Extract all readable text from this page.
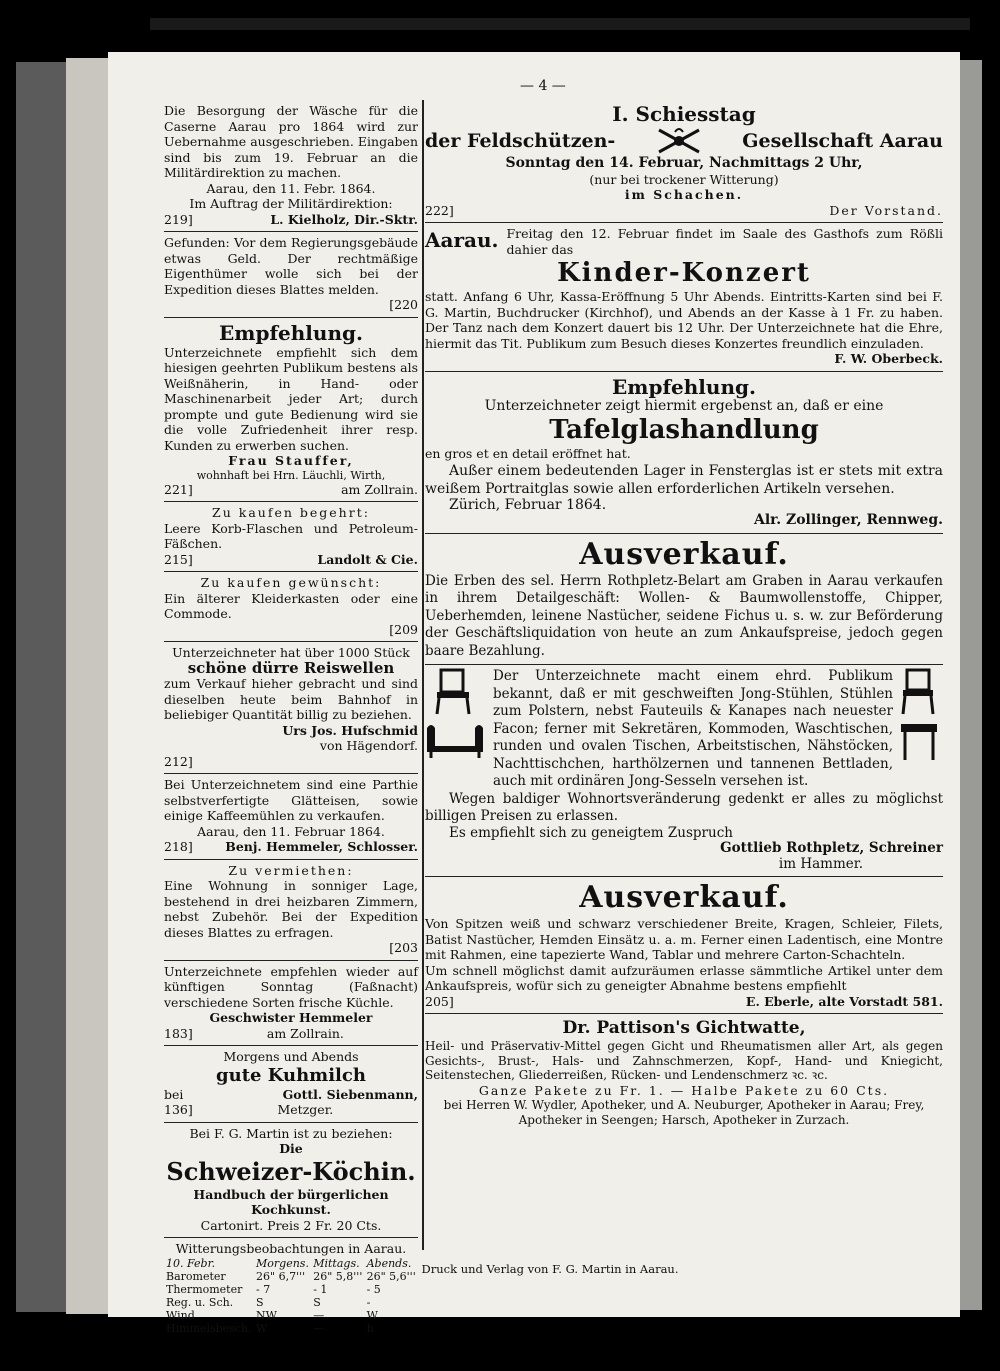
— 4 —

Die Besorgung der Wäsche für die Caserne Aarau pro 1864 wird zur Uebernahme ausgeschrieben. Eingaben sind bis zum 19. Februar an die Militärdirektion zu machen.

Aarau, den 11. Febr. 1864.

Im Auftrag der Militärdirektion:

219]	L. Kielholz, Dir.-Sktr.

Gefunden: Vor dem Regierungsgebäude etwas Geld. Der rechtmäßige Eigenthümer wolle sich bei der Expedition dieses Blattes melden.

[220

Empfehlung.

Unterzeichnete empfiehlt sich dem hiesigen geehrten Publikum bestens als Weißnäherin, in Hand- oder Maschinenarbeit jeder Art; durch prompte und gute Bedienung wird sie die volle Zufriedenheit ihrer resp. Kunden zu erwerben suchen.

Frau Stauffer,

wohnhaft bei Hrn. Läuchli, Wirth,

221]	am Zollrain.

Zu kaufen begehrt:

Leere Korb-Flaschen und Petroleum-Fäßchen.

215]	Landolt & Cie.

Zu kaufen gewünscht:

Ein älterer Kleiderkasten oder eine Commode.

[209

Unterzeichneter hat über 1000 Stück

schöne dürre Reiswellen

zum Verkauf hieher gebracht und sind dieselben heute beim Bahnhof in beliebiger Quantität billig zu beziehen.

Urs Jos. Hufschmid

von Hägendorf.

212]

Bei Unterzeichnetem sind eine Parthie selbstverfertigte Glätteisen, sowie einige Kaffeemühlen zu verkaufen.

Aarau, den 11. Februar 1864.

218]	Benj. Hemmeler, Schlosser.

Zu vermiethen:

Eine Wohnung in sonniger Lage, bestehend in drei heizbaren Zimmern, nebst Zubehör. Bei der Expedition dieses Blattes zu erfragen.

[203

Unterzeichnete empfehlen wieder auf künftigen Sonntag (Faßnacht) verschiedene Sorten frische Küchle.

Geschwister Hemmeler

183]	am Zollrain.

Morgens und Abends

gute Kuhmilch

bei	Gottl. Siebenmann,
136]	Metzger.

Bei F. G. Martin ist zu beziehen:

Die

Schweizer-Köchin.

Handbuch der bürgerlichen Kochkunst.

Cartonirt. Preis 2 Fr. 20 Cts.

Witterungsbeobachtungen in Aarau.

10. Febr.	Morgens.	Mittags.	Abends.
Barometer	26" 6,7'''	26" 5,8'''	26" 5,6'''
Thermometer	- 7	- 1	- 5
Reg. u. Sch.	S	S	-
Wind	NW	—	W
Himmelsbesch.	W	—	h

I. Schiesstag

der Feldschützen-	Gesellschaft Aarau

Sonntag den 14. Februar, Nachmittags 2 Uhr,

(nur bei trockener Witterung)

im Schachen.

222]	Der Vorstand.
Aarau. Freitag den 12. Februar findet im Saale des Gasthofs zum Rößli dahier das

Kinder-Konzert

statt. Anfang 6 Uhr, Kassa-Eröffnung 5 Uhr Abends. Eintritts-Karten sind bei F. G. Martin, Buchdrucker (Kirchhof), und Abends an der Kasse à 1 Fr. zu haben. Der Tanz nach dem Konzert dauert bis 12 Uhr. Der Unterzeichnete hat die Ehre, hiermit das Tit. Publikum zum Besuch dieses Konzertes freundlich einzuladen.

F. W. Oberbeck.

Empfehlung.

Unterzeichneter zeigt hiermit ergebenst an, daß er eine

Tafelglashandlung

en gros et en detail eröffnet hat.

Außer einem bedeutenden Lager in Fensterglas ist er stets mit extra weißem Portraitglas sowie allen erforderlichen Artikeln versehen.

Zürich, Februar 1864.

Alr. Zollinger, Rennweg.

Ausverkauf.

Die Erben des sel. Herrn Rothpletz-Belart am Graben in Aarau verkaufen in ihrem Detailgeschäft: Wollen- & Baumwollenstoffe, Chipper, Ueberhemden, leinene Nastücher, seidene Fichus u. s. w. zur Beförderung der Geschäftsliquidation von heute an zum Ankaufspreise, jedoch gegen baare Bezahlung.

Der Unterzeichnete macht einem ehrd. Publikum bekannt, daß er mit geschweiften Jong-Stühlen, Stühlen zum Polstern, nebst Fauteuils & Kanapes nach neuester Facon; ferner mit Sekretären, Kommoden, Waschtischen, runden und ovalen Tischen, Arbeitstischen, Nähstöcken, Nachttischchen, harthölzernen und tannenen Bettladen, auch mit ordinären Jong-Sesseln versehen ist.

Wegen baldiger Wohnortsveränderung gedenkt er alles zu möglichst billigen Preisen zu erlassen.

Es empfiehlt sich zu geneigtem Zuspruch

Gottlieb Rothpletz, Schreiner

im Hammer.

Ausverkauf.

Von Spitzen weiß und schwarz verschiedener Breite, Kragen, Schleier, Filets, Batist Nastücher, Hemden Einsätz u. a. m. Ferner einen Ladentisch, eine Montre mit Rahmen, eine tapezierte Wand, Tablar und mehrere Carton-Schachteln.

Um schnell möglichst damit aufzuräumen erlasse sämmtliche Artikel unter dem Ankaufspreis, wofür sich zu geneigter Abnahme bestens empfiehlt

205]	E. Eberle, alte Vorstadt 581.

Dr. Pattison's Gichtwatte,

Heil- und Präservativ-Mittel gegen Gicht und Rheumatismen aller Art, als gegen Gesichts-, Brust-, Hals- und Zahnschmerzen, Kopf-, Hand- und Kniegicht, Seitenstechen, Gliederreißen, Rücken- und Lendenschmerz ꝛc. ꝛc.

Ganze Pakete zu Fr. 1. — Halbe Pakete zu 60 Cts.

bei Herren W. Wydler, Apotheker, und A. Neuburger, Apotheker in Aarau; Frey, Apotheker in Seengen; Harsch, Apotheker in Zurzach.

Druck und Verlag von F. G. Martin in Aarau.
